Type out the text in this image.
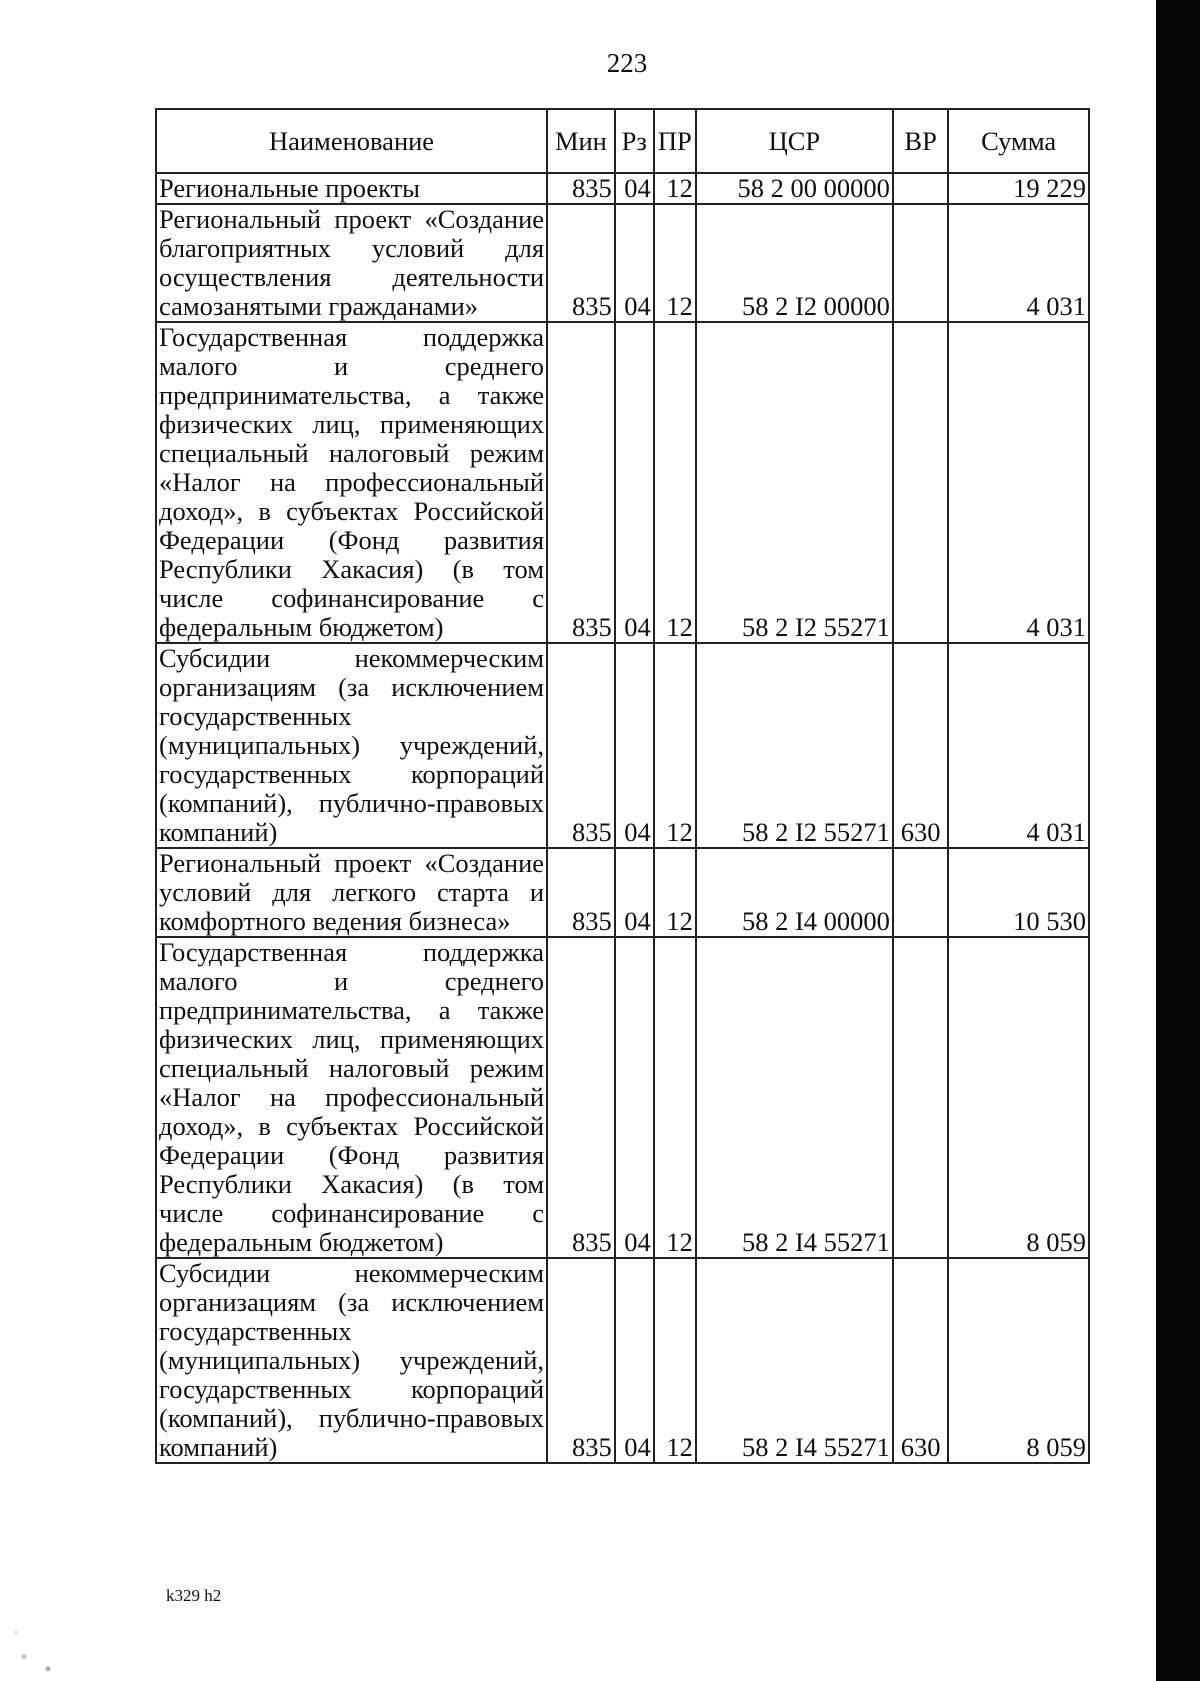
223
Наименование	Мин	Рз	ПР	ЦСР	ВР	Сумма
Региональные проекты	835	04	12	58 2 00 00000		19 229
Региональный проект «Создание благоприятных условий для осуществления деятельности самозанятыми гражданами»	835	04	12	58 2 I2 00000		4 031
Государственная поддержка малого и среднего предпринимательства, а также физических лиц, применяющих специальный налоговый режим «Налог на профессиональный доход», в субъектах Российской Федерации (Фонд развития Республики Хакасия) (в том числе софинансирование с федеральным бюджетом)	835	04	12	58 2 I2 55271		4 031
Субсидии некоммерческим организациям (за исключением государственных (муниципальных) учреждений, государственных корпораций (компаний), публично-правовых компаний)	835	04	12	58 2 I2 55271	630	4 031
Региональный проект «Создание условий для легкого старта и комфортного ведения бизнеса»	835	04	12	58 2 I4 00000		10 530
Государственная поддержка малого и среднего предпринимательства, а также физических лиц, применяющих специальный налоговый режим «Налог на профессиональный доход», в субъектах Российской Федерации (Фонд развития Республики Хакасия) (в том числе софинансирование с федеральным бюджетом)	835	04	12	58 2 I4 55271		8 059
Субсидии некоммерческим организациям (за исключением государственных (муниципальных) учреждений, государственных корпораций (компаний), публично-правовых компаний)	835	04	12	58 2 I4 55271	630	8 059
k329 h2
